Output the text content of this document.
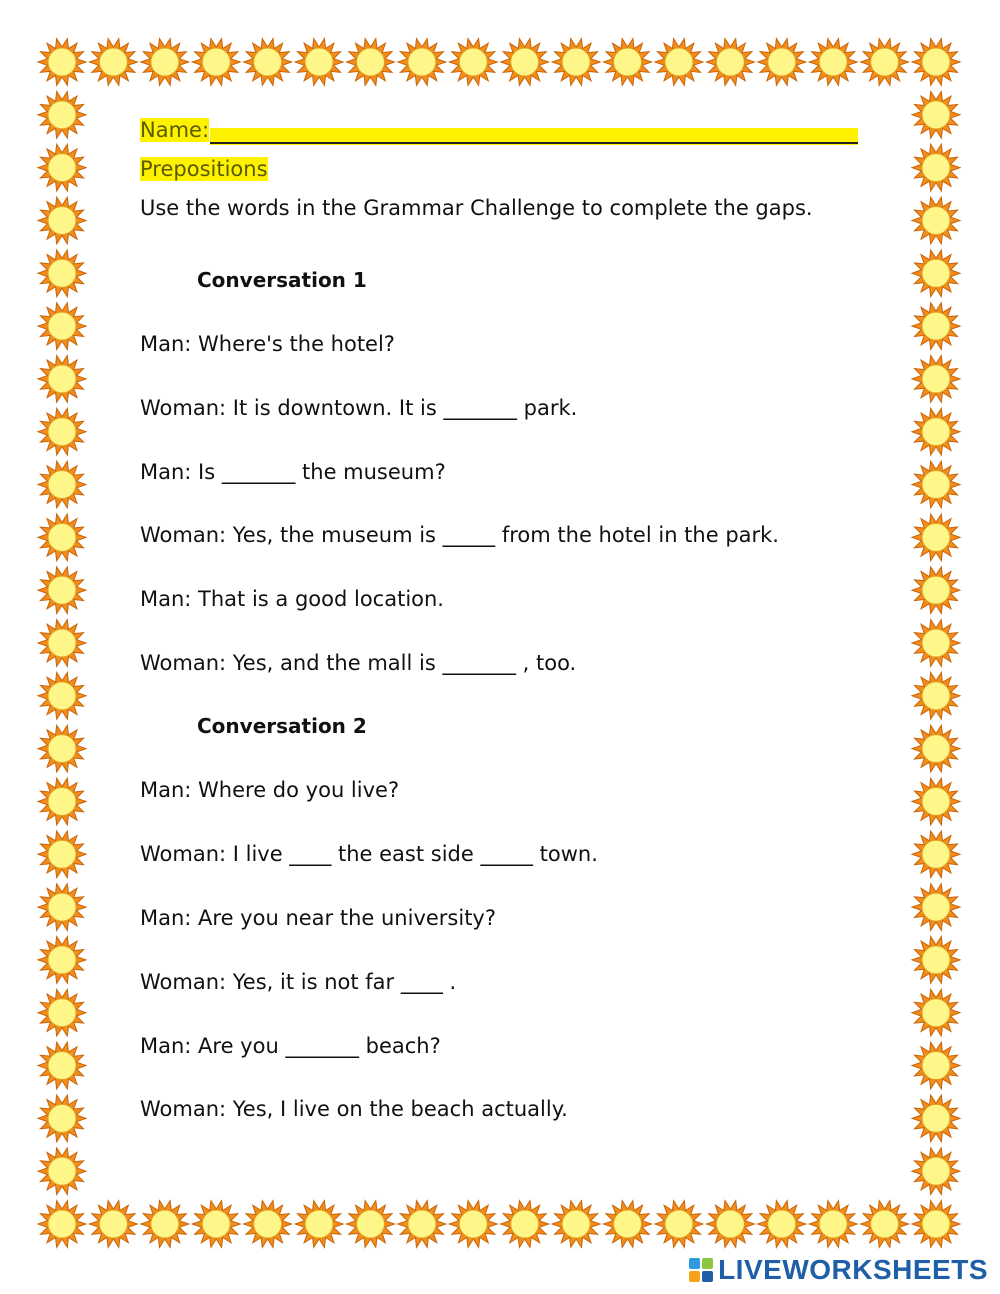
Name:
Prepositions
Use the words in the Grammar Challenge to complete the gaps.
Conversation 1
Man: Where's the hotel?
Woman: It is downtown. It is _______ park.
Man: Is _______ the museum?
Woman: Yes, the museum is _____ from the hotel in the park.
Man: That is a good location.
Woman: Yes, and the mall is _______ , too.
Conversation 2
Man: Where do you live?
Woman: I live ____ the east side _____ town.
Man: Are you near the university?
Woman: Yes, it is not far ____ .
Man: Are you _______ beach?
Woman: Yes, I live on the beach actually.
LIVEWORKSHEETS
